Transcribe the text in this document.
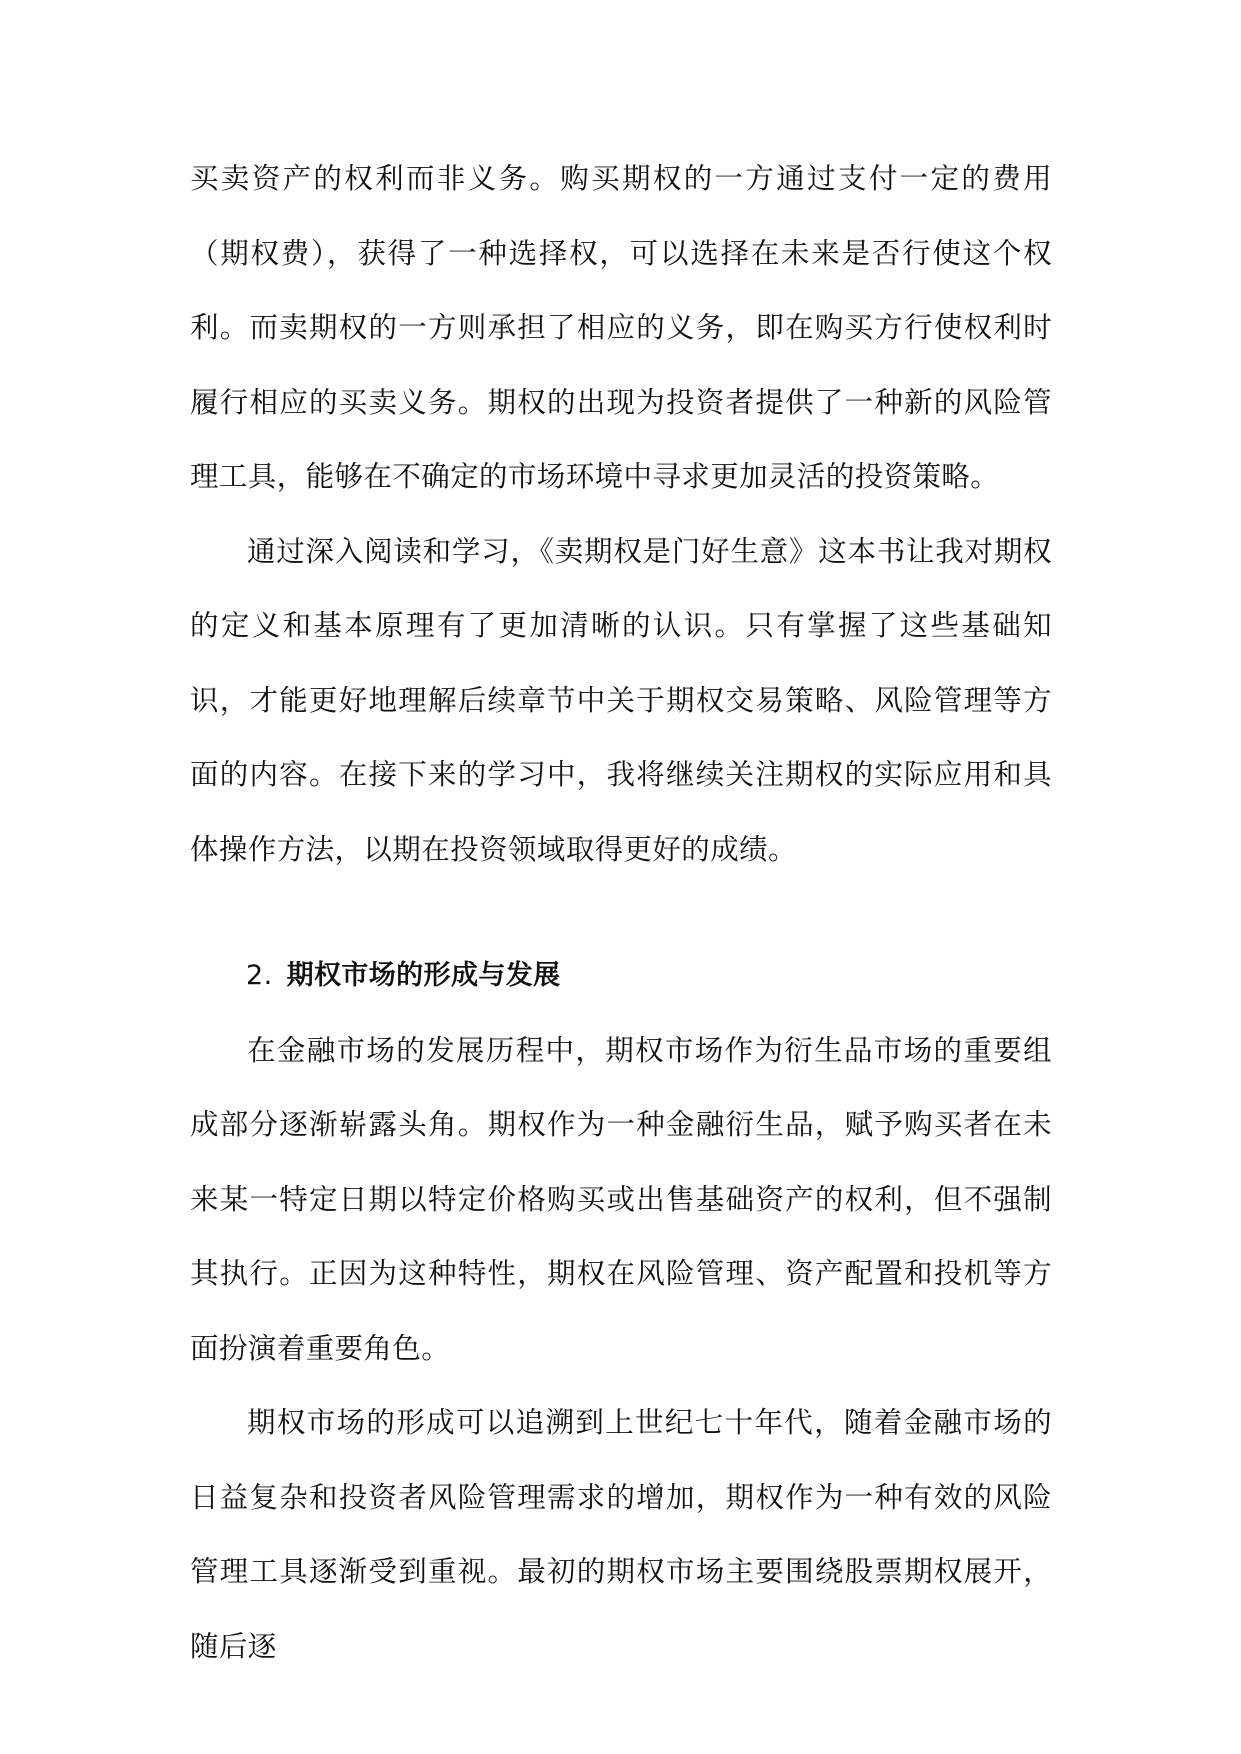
买卖资产的权利而非义务。购买期权的一方通过支付一定的费用（期权费），获得了一种选择权，可以选择在未来是否行使这个权利。而卖期权的一方则承担了相应的义务，即在购买方行使权利时履行相应的买卖义务。期权的出现为投资者提供了一种新的风险管理工具，能够在不确定的市场环境中寻求更加灵活的投资策略。

通过深入阅读和学习，《卖期权是门好生意》这本书让我对期权的定义和基本原理有了更加清晰的认识。只有掌握了这些基础知识，才能更好地理解后续章节中关于期权交易策略、风险管理等方面的内容。在接下来的学习中，我将继续关注期权的实际应用和具体操作方法，以期在投资领域取得更好的成绩。

2. 期权市场的形成与发展

在金融市场的发展历程中，期权市场作为衍生品市场的重要组成部分逐渐崭露头角。期权作为一种金融衍生品，赋予购买者在未来某一特定日期以特定价格购买或出售基础资产的权利，但不强制其执行。正因为这种特性，期权在风险管理、资产配置和投机等方面扮演着重要角色。

期权市场的形成可以追溯到上世纪七十年代，随着金融市场的日益复杂和投资者风险管理需求的增加，期权作为一种有效的风险管理工具逐渐受到重视。最初的期权市场主要围绕股票期权展开，随后逐
